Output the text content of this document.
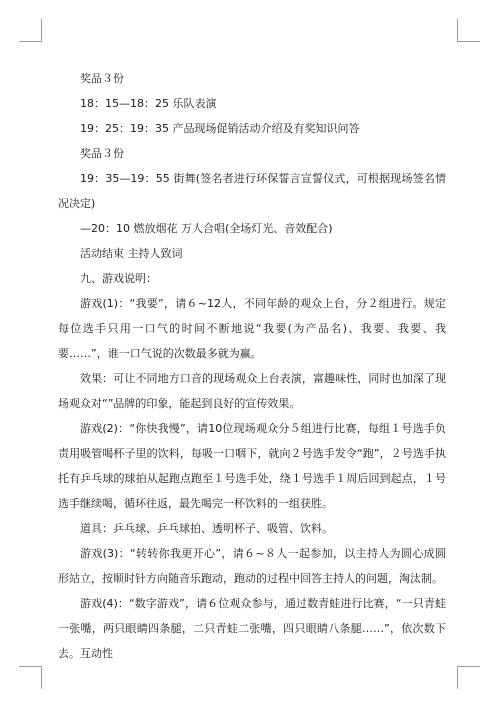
奖品３份

18：15—18：25 乐队表演

19：25：19：35 产品现场促销活动介绍及有奖知识问答

奖品３份

19：35—19：55 街舞(签名者进行环保誓言宣誓仪式，可根据现场签名情况决定)

—20：10 燃放烟花 万人合唱(全场灯光、音效配合)

活动结束 主持人致词

九、游戏说明：

游戏(1)：“我要”，请６~12人，不同年龄的观众上台，分２组进行。规定每位选手只用一口气的时间不断地说“我要(为产品名)、我要、我要、我要……”，谁一口气说的次数最多就为赢。

效果：可让不同地方口音的现场观众上台表演，富趣味性，同时也加深了现场观众对“”品牌的印象，能起到良好的宣传效果。

游戏(2)：“你快我慢”，请10位现场观众分５组进行比赛，每组１号选手负责用吸管喝杯子里的饮料，每吸一口咽下，就向２号选手发令“跑”，２号选手执托有乒乓球的球拍从起跑点跑至１号选手处，绕１号选手１周后回到起点，１号选手继续喝，循环往返，最先喝完一杯饮料的一组获胜。

道具：乒乓球、乒乓球拍、透明杯子、吸管、饮料。

游戏(3)：“转转你我更开心”，请６~８人一起参加，以主持人为圆心成圆形站立，按顺时针方向随音乐跑动，跑动的过程中回答主持人的问题，淘汰制。

游戏(4)：“数字游戏”，请６位观众参与，通过数青蛙进行比赛，“一只青蛙一张嘴，两只眼睛四条腿，二只青蛙二张嘴，四只眼睛八条腿……”，依次数下去。互动性
